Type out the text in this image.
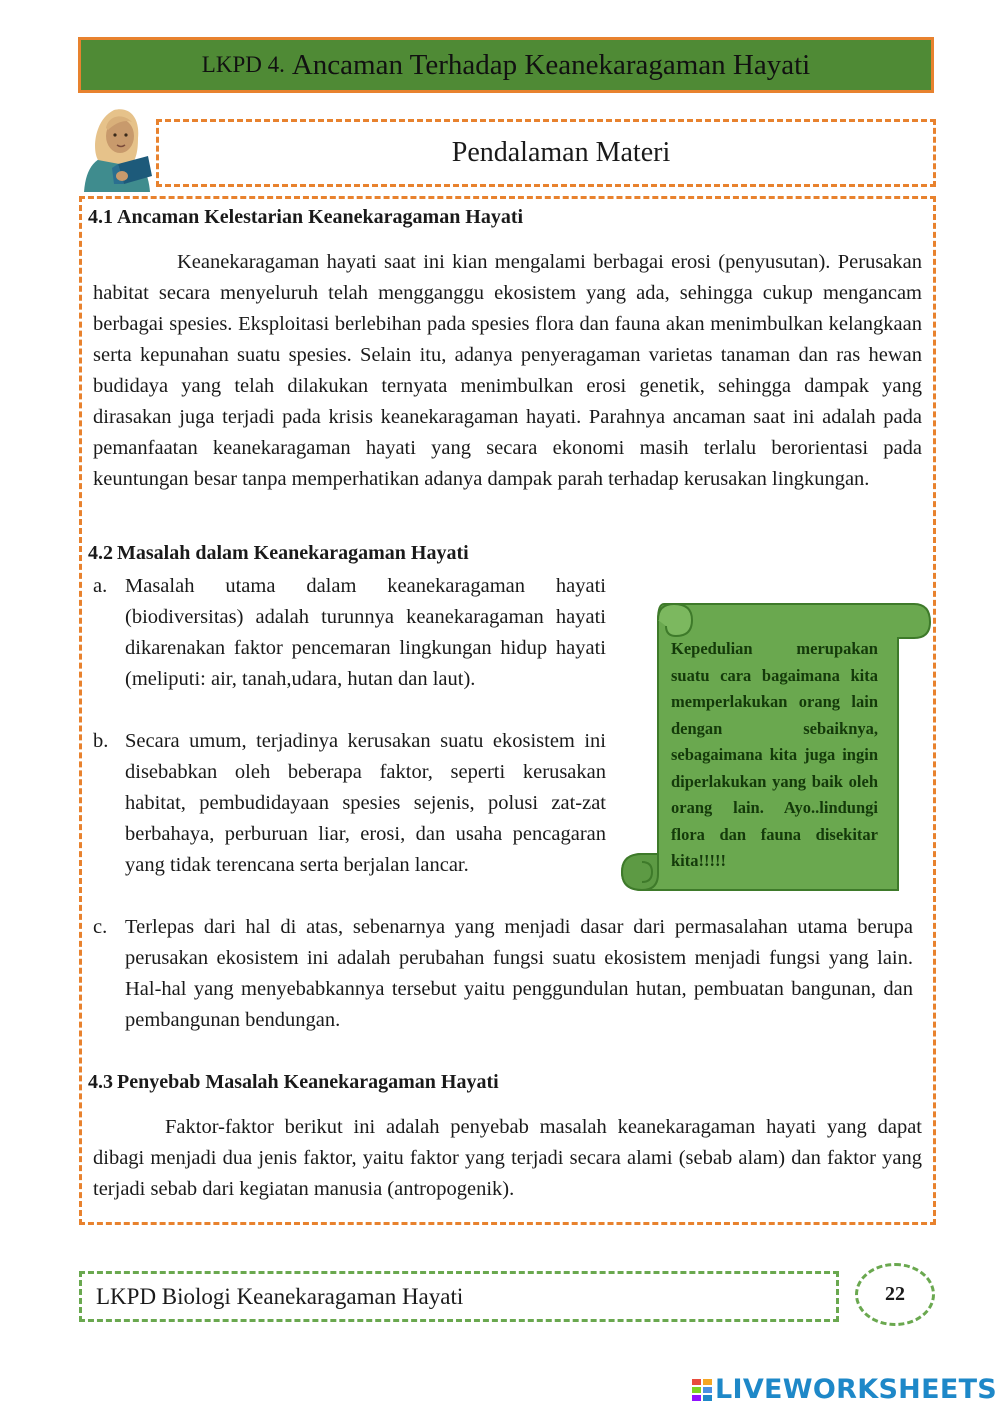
LKPD 4. Ancaman Terhadap Keanekaragaman Hayati
Pendalaman Materi
4.1 Ancaman Kelestarian Keanekaragaman Hayati

Keanekaragaman hayati saat ini kian mengalami berbagai erosi (penyusutan). Perusakan habitat secara menyeluruh telah mengganggu ekosistem yang ada, sehingga cukup mengancam berbagai spesies. Eksploitasi berlebihan pada spesies flora dan fauna akan menimbulkan kelangkaan serta kepunahan suatu spesies. Selain itu, adanya penyeragaman varietas tanaman dan ras hewan budidaya yang telah dilakukan ternyata menimbulkan erosi genetik, sehingga dampak yang dirasakan juga terjadi pada krisis keanekaragaman hayati. Parahnya ancaman saat ini adalah pada pemanfaatan keanekaragaman hayati yang secara ekonomi masih terlalu berorientasi pada keuntungan besar tanpa memperhatikan adanya dampak parah terhadap kerusakan lingkungan.

4.2 Masalah dalam Keanekaragaman Hayati
a. Masalah utama dalam keanekaragaman hayati (biodiversitas) adalah turunnya keanekaragaman hayati dikarenakan faktor pencemaran lingkungan hidup hayati (meliputi: air, tanah,udara, hutan dan laut).
b. Secara umum, terjadinya kerusakan suatu ekosistem ini disebabkan oleh beberapa faktor, seperti kerusakan habitat, pembudidayaan spesies sejenis, polusi zat-zat berbahaya, perburuan liar, erosi, dan usaha pencagaran yang tidak terencana serta berjalan lancar.
c. Terlepas dari hal di atas, sebenarnya yang menjadi dasar dari permasalahan utama berupa perusakan ekosistem ini adalah perubahan fungsi suatu ekosistem menjadi fungsi yang lain. Hal-hal yang menyebabkannya tersebut yaitu penggundulan hutan, pembuatan bangunan, dan pembangunan bendungan.

Kepedulian merupakan suatu cara bagaimana kita memperlakukan orang lain dengan sebaiknya, sebagaimana kita juga ingin diperlakukan yang baik oleh orang lain. Ayo..lindungi flora dan fauna disekitar kita!!!!!

4.3 Penyebab Masalah Keanekaragaman Hayati

Faktor-faktor berikut ini adalah penyebab masalah keanekaragaman hayati yang dapat dibagi menjadi dua jenis faktor, yaitu faktor yang terjadi secara alami (sebab alam) dan faktor yang terjadi sebab dari kegiatan manusia (antropogenik).

LKPD Biologi Keanekaragaman Hayati	22
LIVEWORKSHEETS
